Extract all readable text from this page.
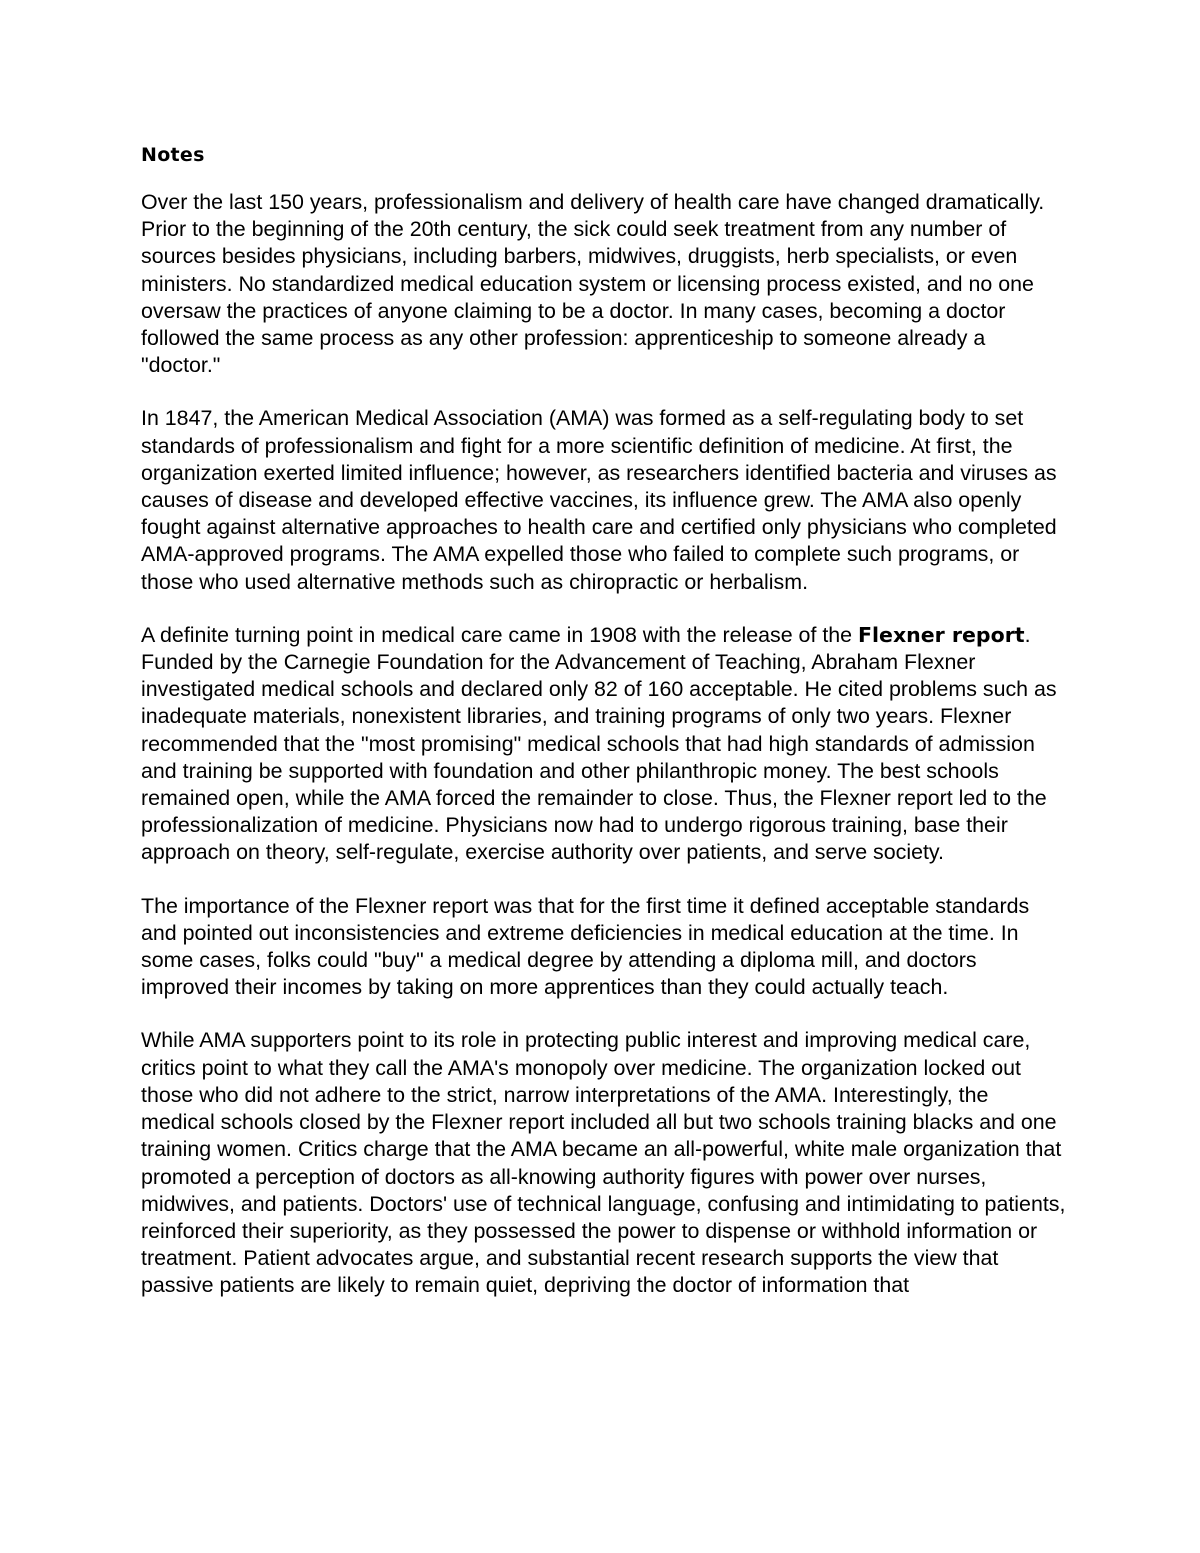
Notes
Over the last 150 years, professionalism and delivery of health care have changed dramatically. Prior to the beginning of the 20th century, the sick could seek treatment from any number of sources besides physicians, including barbers, midwives, druggists, herb specialists, or even ministers. No standardized medical education system or licensing process existed, and no one oversaw the practices of anyone claiming to be a doctor. In many cases, becoming a doctor followed the same process as any other profession: apprenticeship to someone already a "doctor."
In 1847, the American Medical Association (AMA) was formed as a self-regulating body to set standards of professionalism and fight for a more scientific definition of medicine. At first, the organization exerted limited influence; however, as researchers identified bacteria and viruses as causes of disease and developed effective vaccines, its influence grew. The AMA also openly fought against alternative approaches to health care and certified only physicians who completed AMA-approved programs. The AMA expelled those who failed to complete such programs, or those who used alternative methods such as chiropractic or herbalism.
A definite turning point in medical care came in 1908 with the release of the Flexner report. Funded by the Carnegie Foundation for the Advancement of Teaching, Abraham Flexner investigated medical schools and declared only 82 of 160 acceptable. He cited problems such as inadequate materials, nonexistent libraries, and training programs of only two years. Flexner recommended that the "most promising" medical schools that had high standards of admission and training be supported with foundation and other philanthropic money. The best schools remained open, while the AMA forced the remainder to close. Thus, the Flexner report led to the professionalization of medicine. Physicians now had to undergo rigorous training, base their approach on theory, self-regulate, exercise authority over patients, and serve society.
The importance of the Flexner report was that for the first time it defined acceptable standards and pointed out inconsistencies and extreme deficiencies in medical education at the time. In some cases, folks could "buy" a medical degree by attending a diploma mill, and doctors improved their incomes by taking on more apprentices than they could actually teach.
While AMA supporters point to its role in protecting public interest and improving medical care, critics point to what they call the AMA's monopoly over medicine. The organization locked out those who did not adhere to the strict, narrow interpretations of the AMA. Interestingly, the medical schools closed by the Flexner report included all but two schools training blacks and one training women. Critics charge that the AMA became an all-powerful, white male organization that promoted a perception of doctors as all-knowing authority figures with power over nurses, midwives, and patients. Doctors' use of technical language, confusing and intimidating to patients, reinforced their superiority, as they possessed the power to dispense or withhold information or treatment. Patient advocates argue, and substantial recent research supports the view that passive patients are likely to remain quiet, depriving the doctor of information that
